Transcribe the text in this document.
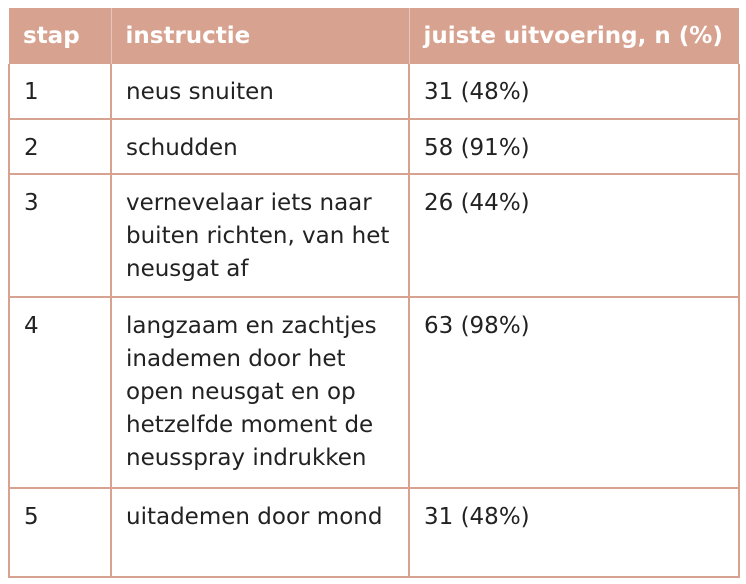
stap	instructie	juiste uitvoering, n (%)
1	neus snuiten	31 (48%)
2	schudden	58 (91%)
3	vernevelaar iets naar buiten richten, van het neusgat af	26 (44%)
4	langzaam en zachtjes inademen door het open neusgat en op hetzelfde moment de neusspray indrukken	63 (98%)
5	uitademen door mond	31 (48%)
